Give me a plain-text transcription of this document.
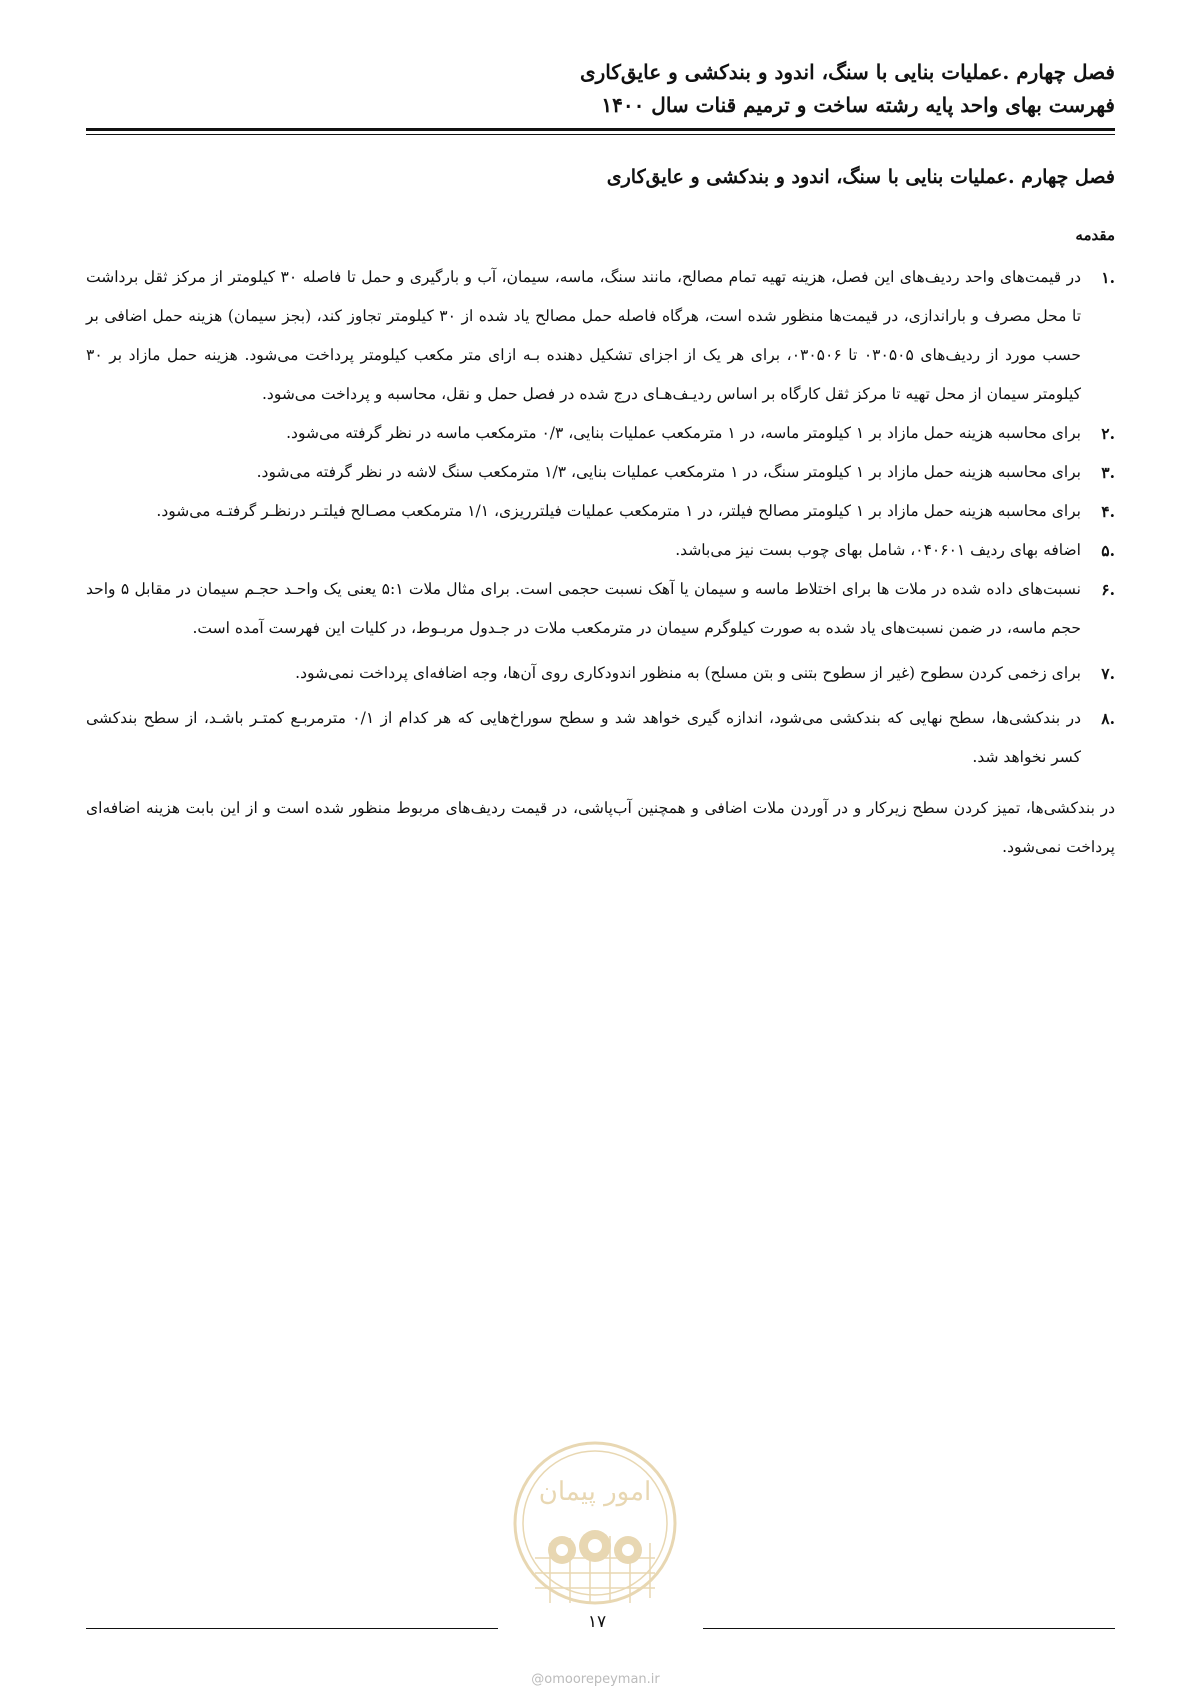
فصل چهارم .عملیات بنایی با سنگ، اندود و بندکشی و عایق‌کاری
فهرست بهای واحد پایه رشته ساخت و ترمیم قنات سال ۱۴۰۰
فصل چهارم .عملیات بنایی با سنگ، اندود و بندکشی و عایق‌کاری
مقدمه
.۱
در قیمت‌های واحد ردیف‌های این فصل، هزینه تهیه تمام مصالح، مانند سنگ، ماسه، سیمان، آب و بارگیری و حمل تا فاصله ۳۰ کیلومتر از مرکز ثقل برداشت تا محل مصرف و باراندازی، در قیمت‌ها منظور شده است، هرگاه فاصله حمل مصالح یاد شده از ۳۰ کیلومتر تجاوز کند، (بجز سیمان) هزینه حمل اضافی بر حسب مورد از ردیف‌های ۰۳۰۵۰۵ تا ۰۳۰۵۰۶، برای هر یک از اجزای تشکیل دهنده بـه ازای متر مکعب کیلومتر پرداخت می‌شود. هزینه حمل مازاد بر ۳۰ کیلومتر سیمان از محل تهیه تا مرکز ثقل کارگاه بر اساس ردیـف‌هـای درج شده در فصل حمل و نقل، محاسبه و پرداخت می‌شود.
.۲
برای محاسبه هزینه حمل مازاد بر ۱ کیلومتر ماسه، در ۱ مترمکعب عملیات بنایی، ۰/۳ مترمکعب ماسه در نظر گرفته می‌شود.
.۳
برای محاسبه هزینه حمل مازاد بر ۱ کیلومتر سنگ، در ۱ مترمکعب عملیات بنایی، ۱/۳ مترمکعب سنگ لاشه در نظر گرفته می‌شود.
.۴
برای محاسبه هزینه حمل مازاد بر ۱ کیلومتر مصالح فیلتر، در ۱ مترمکعب عملیات فیلترریزی، ۱/۱ مترمکعب مصـالح فیلتـر درنظـر گرفتـه می‌شود.
.۵
اضافه بهای ردیف ۰۴۰۶۰۱، شامل بهای چوب بست نیز می‌باشد.
.۶
نسبت‌های داده شده در ملات ها برای اختلاط ماسه و سیمان یا آهک نسبت حجمی است. برای مثال ملات ۵:۱ یعنی یک واحـد حجـم سیمان در مقابل ۵ واحد حجم ماسه، در ضمن نسبت‌های یاد شده به صورت کیلوگرم سیمان در مترمکعب ملات در جـدول مربـوط، در کلیات این فهرست آمده است.
.۷
برای زخمی کردن سطوح (غیر از سطوح بتنی و بتن مسلح) به منظور اندودکاری روی آن‌ها، وجه اضافه‌ای پرداخت نمی‌شود.
.۸
در بندکشی‌ها، سطح نهایی که بندکشی می‌شود، اندازه گیری خواهد شد و سطح سوراخ‌هایی که هر کدام از ۰/۱ مترمربـع کمتـر باشـد، از سطح بندکشی کسر نخواهد شد.
در بندکشی‌ها، تمیز کردن سطح زیرکار و در آوردن ملات اضافی و همچنین آب‌پاشی، در قیمت ردیف‌های مربوط منظور شده است و از این بابت هزینه اضافه‌ای پرداخت نمی‌شود.
امور پیمان
۱۷
@omoorepeyman.ir
